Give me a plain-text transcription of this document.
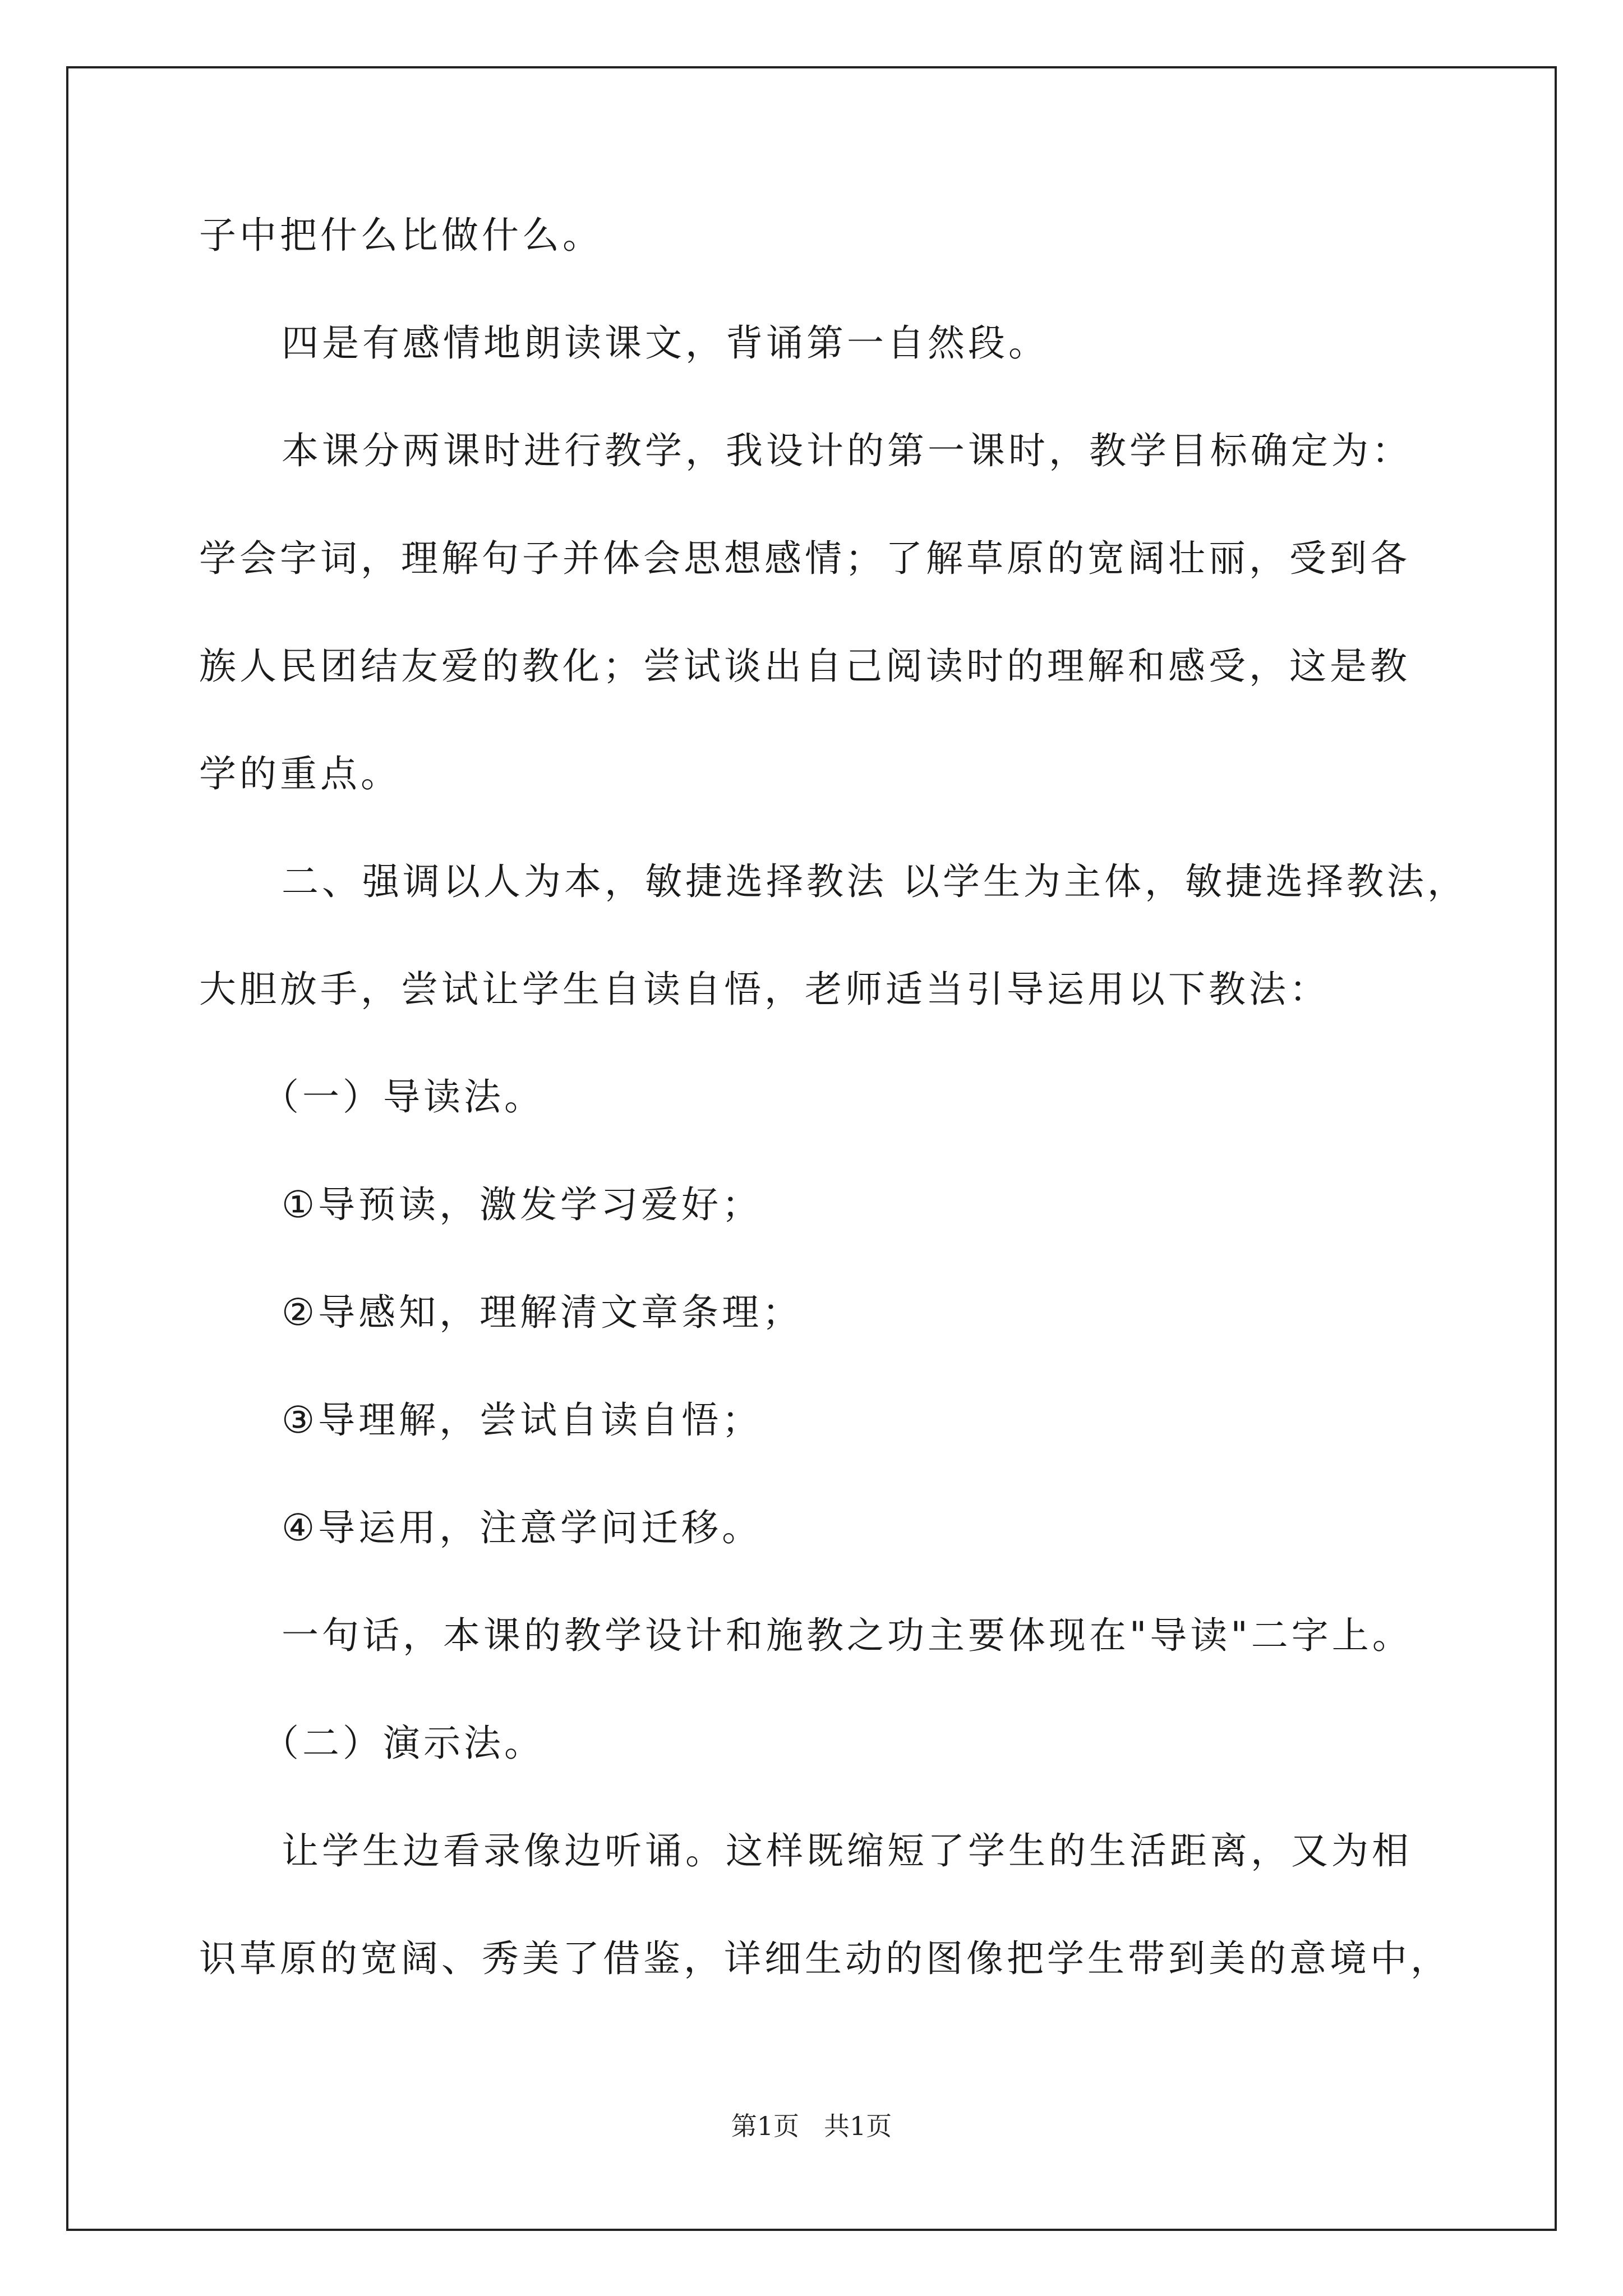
子中把什么比做什么。
四是有感情地朗读课文，背诵第一自然段。
本课分两课时进行教学，我设计的第一课时，教学目标确定为：
学会字词，理解句子并体会思想感情；了解草原的宽阔壮丽，受到各
族人民团结友爱的教化；尝试谈出自己阅读时的理解和感受，这是教
学的重点。
二、强调以人为本，敏捷选择教法 以学生为主体，敏捷选择教法，
大胆放手，尝试让学生自读自悟，老师适当引导运用以下教法：
（一）导读法。
①导预读，激发学习爱好；
②导感知，理解清文章条理；
③导理解，尝试自读自悟；
④导运用，注意学问迁移。
一句话，本课的教学设计和施教之功主要体现在"导读"二字上。
（二）演示法。
让学生边看录像边听诵。这样既缩短了学生的生活距离，又为相
识草原的宽阔、秀美了借鉴，详细生动的图像把学生带到美的意境中，
第1页 共1页
